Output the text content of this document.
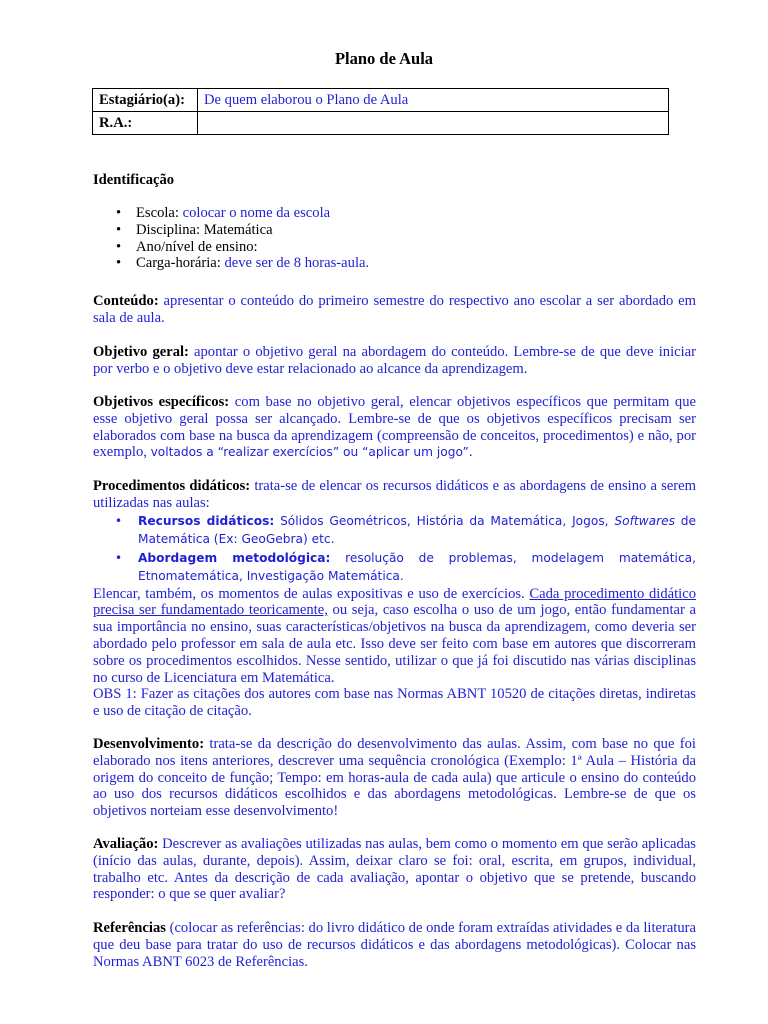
Plano de Aula
Estagiário(a):	De quem elaborou o Plano de Aula
R.A.:	
Identificação
• Escola: colocar o nome da escola
• Disciplina: Matemática
• Ano/nível de ensino:
• Carga-horária: deve ser de 8 horas-aula.
Conteúdo: apresentar o conteúdo do primeiro semestre do respectivo ano escolar a ser abordado em sala de aula.
Objetivo geral: apontar o objetivo geral na abordagem do conteúdo. Lembre-se de que deve iniciar por verbo e o objetivo deve estar relacionado ao alcance da aprendizagem.
Objetivos específicos: com base no objetivo geral, elencar objetivos específicos que permitam que esse objetivo geral possa ser alcançado. Lembre-se de que os objetivos específicos precisam ser elaborados com base na busca da aprendizagem (compreensão de conceitos, procedimentos) e não, por exemplo, voltados a “realizar exercícios” ou “aplicar um jogo”.
Procedimentos didáticos: trata-se de elencar os recursos didáticos e as abordagens de ensino a serem utilizadas nas aulas:
• Recursos didáticos: Sólidos Geométricos, História da Matemática, Jogos, Softwares de Matemática (Ex: GeoGebra) etc.
• Abordagem metodológica: resolução de problemas, modelagem matemática, Etnomatemática, Investigação Matemática.
Elencar, também, os momentos de aulas expositivas e uso de exercícios. Cada procedimento didático precisa ser fundamentado teoricamente, ou seja, caso escolha o uso de um jogo, então fundamentar a sua importância no ensino, suas características/objetivos na busca da aprendizagem, como deveria ser abordado pelo professor em sala de aula etc. Isso deve ser feito com base em autores que discorreram sobre os procedimentos escolhidos. Nesse sentido, utilizar o que já foi discutido nas várias disciplinas no curso de Licenciatura em Matemática.
OBS 1: Fazer as citações dos autores com base nas Normas ABNT 10520 de citações diretas, indiretas e uso de citação de citação.
Desenvolvimento: trata-se da descrição do desenvolvimento das aulas. Assim, com base no que foi elaborado nos itens anteriores, descrever uma sequência cronológica (Exemplo: 1ª Aula – História da origem do conceito de função; Tempo: em horas-aula de cada aula) que articule o ensino do conteúdo ao uso dos recursos didáticos escolhidos e das abordagens metodológicas. Lembre-se de que os objetivos norteiam esse desenvolvimento!
Avaliação: Descrever as avaliações utilizadas nas aulas, bem como o momento em que serão aplicadas (início das aulas, durante, depois). Assim, deixar claro se foi: oral, escrita, em grupos, individual, trabalho etc. Antes da descrição de cada avaliação, apontar o objetivo que se pretende, buscando responder: o que se quer avaliar?
Referências (colocar as referências: do livro didático de onde foram extraídas atividades e da literatura que deu base para tratar do uso de recursos didáticos e das abordagens metodológicas). Colocar nas Normas ABNT 6023 de Referências.
